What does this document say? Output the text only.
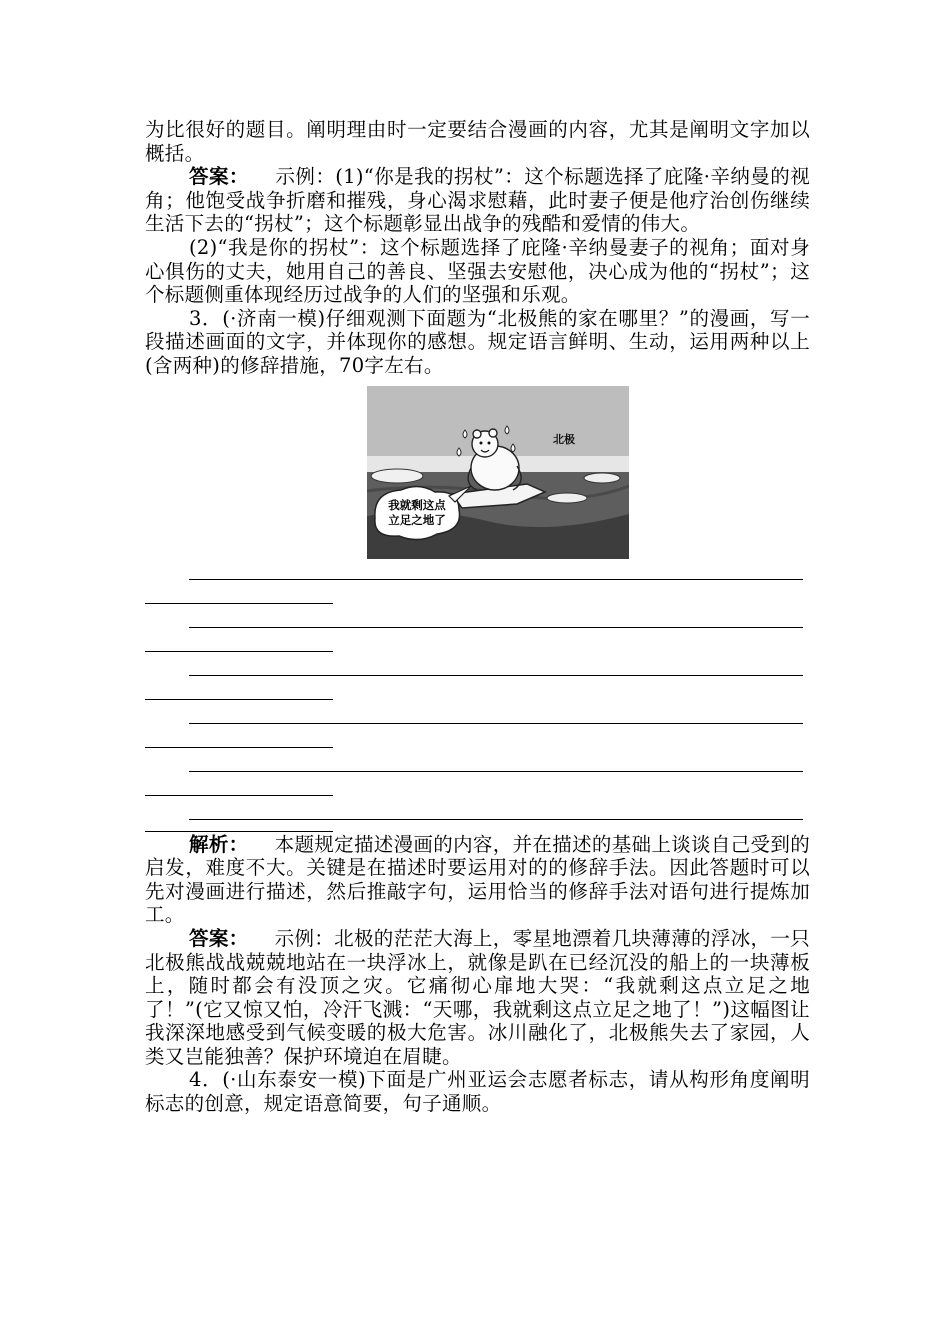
为比很好的题目。阐明理由时一定要结合漫画的内容，尤其是阐明文字加以概括。

答案： 示例：(1)“你是我的拐杖”：这个标题选择了庇隆·辛纳曼的视角；他饱受战争折磨和摧残，身心渴求慰藉，此时妻子便是他疗治创伤继续生活下去的“拐杖”；这个标题彰显出战争的残酷和爱情的伟大。

(2)“我是你的拐杖”：这个标题选择了庇隆·辛纳曼妻子的视角；面对身心俱伤的丈夫，她用自己的善良、坚强去安慰他，决心成为他的“拐杖”；这个标题侧重体现经历过战争的人们的坚强和乐观。

3．(·济南一模)仔细观测下面题为“北极熊的家在哪里？”的漫画，写一段描述画面的文字，并体现你的感想。规定语言鲜明、生动，运用两种以上(含两种)的修辞措施，70字左右。

北极
我就剩这点
立足之地了

解析： 本题规定描述漫画的内容，并在描述的基础上谈谈自己受到的启发，难度不大。关键是在描述时要运用对的的修辞手法。因此答题时可以先对漫画进行描述，然后推敲字句，运用恰当的修辞手法对语句进行提炼加工。

答案： 示例：北极的茫茫大海上，零星地漂着几块薄薄的浮冰，一只北极熊战战兢兢地站在一块浮冰上，就像是趴在已经沉没的船上的一块薄板上，随时都会有没顶之灾。它痛彻心扉地大哭：“我就剩这点立足之地了！”(它又惊又怕，冷汗飞溅：“天哪，我就剩这点立足之地了！”)这幅图让我深深地感受到气候变暖的极大危害。冰川融化了，北极熊失去了家园，人类又岂能独善？保护环境迫在眉睫。

4．(·山东泰安一模)下面是广州亚运会志愿者标志，请从构形角度阐明标志的创意，规定语意简要，句子通顺。
